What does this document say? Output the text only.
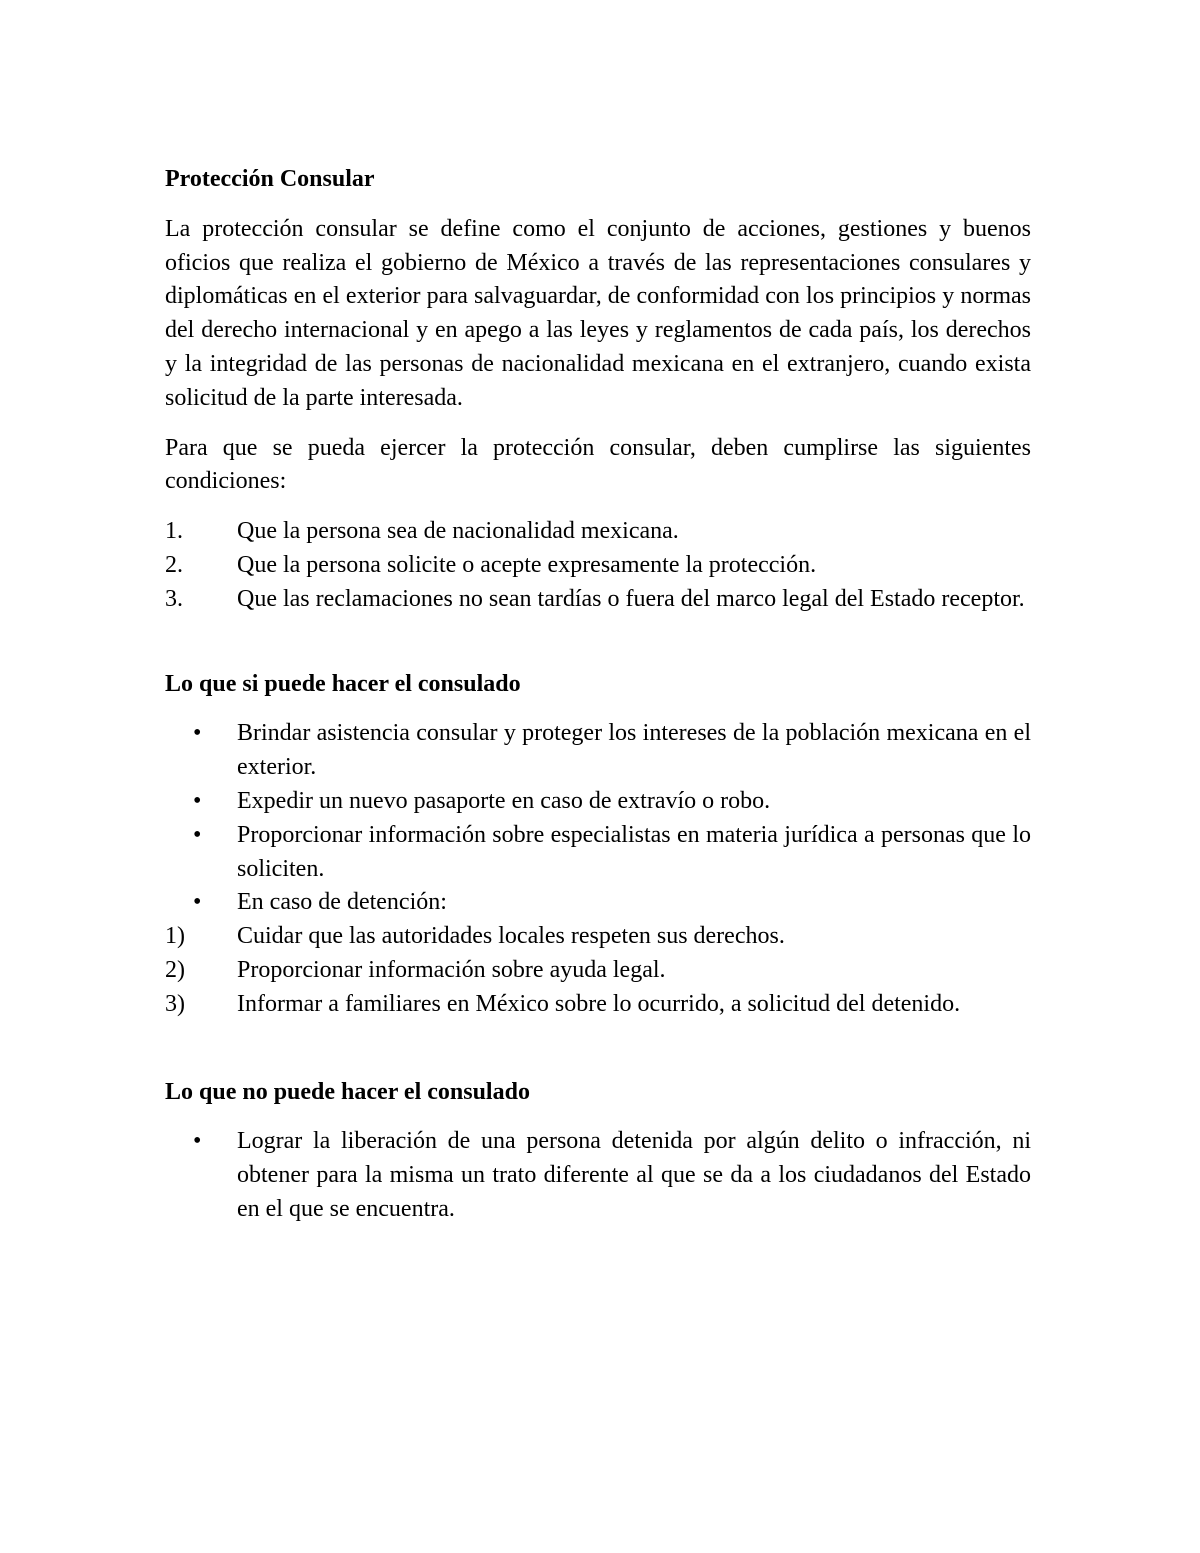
Protección Consular

La protección consular se define como el conjunto de acciones, gestiones y buenos oficios que realiza el gobierno de México a través de las representaciones consulares y diplomáticas en el exterior para salvaguardar, de conformidad con los principios y normas del derecho internacional y en apego a las leyes y reglamentos de cada país, los derechos y la integridad de las personas de nacionalidad mexicana en el extranjero, cuando exista solicitud de la parte interesada.

Para que se pueda ejercer la protección consular, deben cumplirse las siguientes condiciones:

1.	Que la persona sea de nacionalidad mexicana.
2.	Que la persona solicite o acepte expresamente la protección.
3.	Que las reclamaciones no sean tardías o fuera del marco legal del Estado receptor.
Lo que si puede hacer el consulado
•	Brindar asistencia consular y proteger los intereses de la población mexicana en el exterior.
•	Expedir un nuevo pasaporte en caso de extravío o robo.
•	Proporcionar información sobre especialistas en materia jurídica a personas que lo soliciten.
•	En caso de detención:
1)	Cuidar que las autoridades locales respeten sus derechos.
2)	Proporcionar información sobre ayuda legal.
3)	Informar a familiares en México sobre lo ocurrido, a solicitud del detenido.
Lo que no puede hacer el consulado
•	Lograr la liberación de una persona detenida por algún delito o infracción, ni obtener para la misma un trato diferente al que se da a los ciudadanos del Estado en el que se encuentra.
